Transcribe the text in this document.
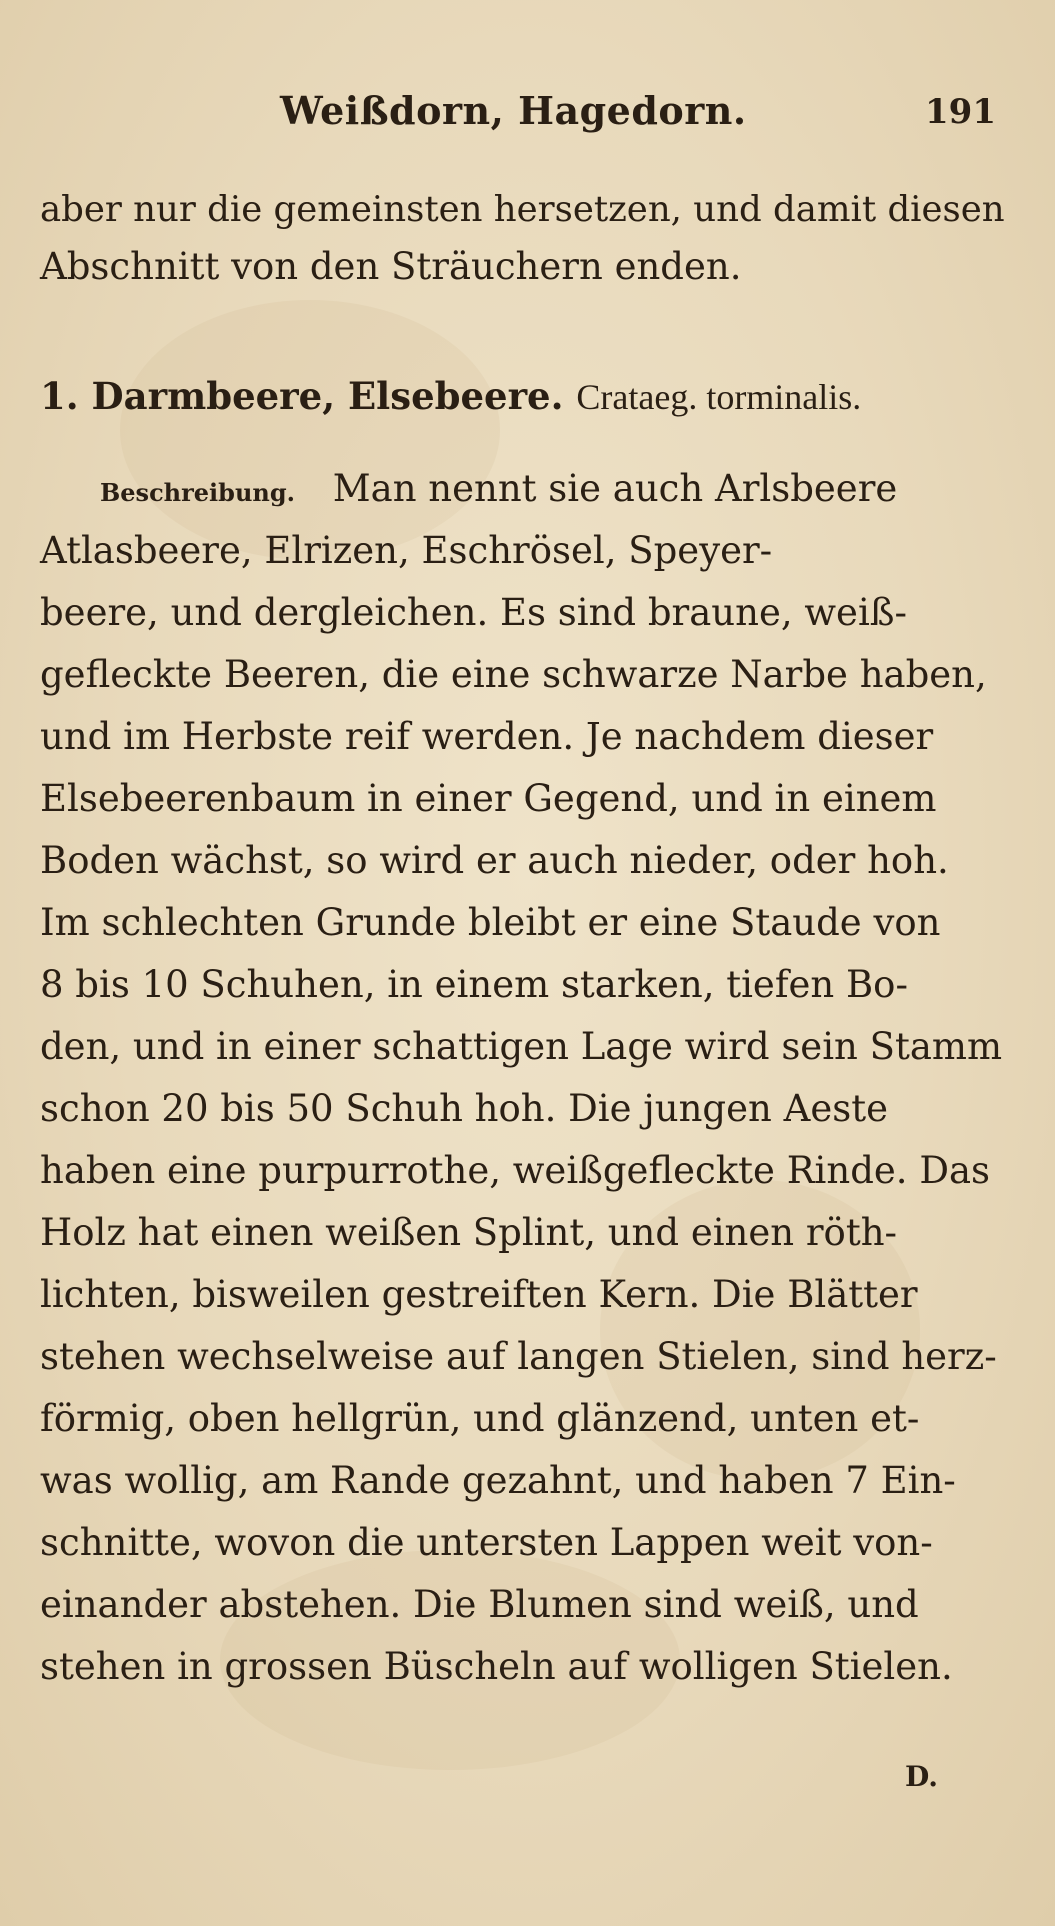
Weißdorn, Hagedorn.	191
aber nur die gemeinsten hersetzen, und damit diesen
Abschnitt von den Sträuchern enden.
1. Darmbeere, Elsebeere. Crataeg. torminalis.
Beschreibung. Man nennt sie auch Arlsbeere
Atlasbeere, Elrizen, Eschrösel, Speyer-
beere, und dergleichen. Es sind braune, weiß-
gefleckte Beeren, die eine schwarze Narbe haben,
und im Herbste reif werden. Je nachdem dieser
Elsebeerenbaum in einer Gegend, und in einem
Boden wächst, so wird er auch nieder, oder hoh.
Im schlechten Grunde bleibt er eine Staude von
8 bis 10 Schuhen, in einem starken, tiefen Bo-
den, und in einer schattigen Lage wird sein Stamm
schon 20 bis 50 Schuh hoh. Die jungen Aeste
haben eine purpurrothe, weißgefleckte Rinde. Das
Holz hat einen weißen Splint, und einen röth-
lichten, bisweilen gestreiften Kern. Die Blätter
stehen wechselweise auf langen Stielen, sind herz-
förmig, oben hellgrün, und glänzend, unten et-
was wollig, am Rande gezahnt, und haben 7 Ein-
schnitte, wovon die untersten Lappen weit von-
einander abstehen. Die Blumen sind weiß, und
stehen in grossen Büscheln auf wolligen Stielen.
D.
